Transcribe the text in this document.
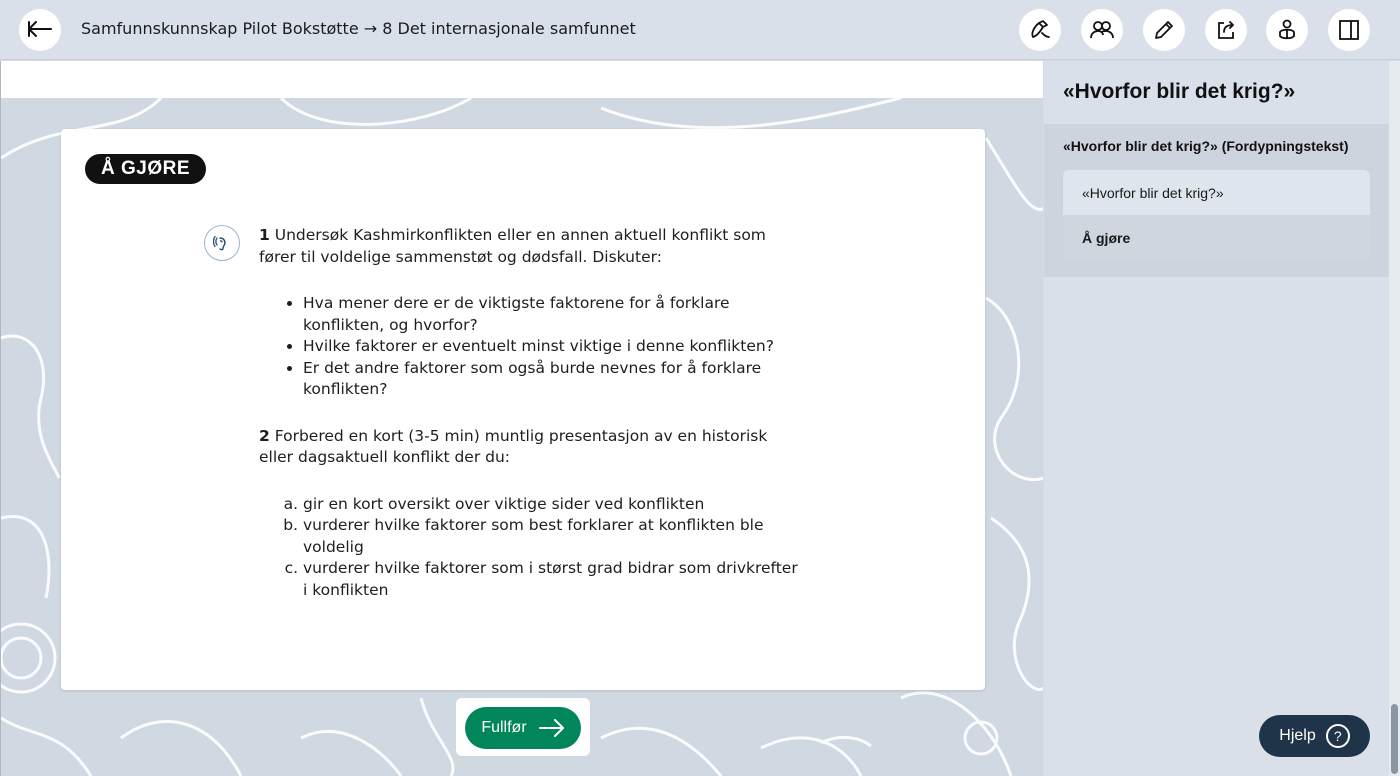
Samfunnskunnskap Pilot Bokstøtte → 8 Det internasjonale samfunnet
Å GJØRE

1 Undersøk Kashmirkonflikten eller en annen aktuell konflikt som fører til voldelige sammenstøt og dødsfall. Diskuter:

• Hva mener dere er de viktigste faktorene for å forklare konflikten, og hvorfor?
• Hvilke faktorer er eventuelt minst viktige i denne konflikten?
• Er det andre faktorer som også burde nevnes for å forklare konflikten?

2 Forbered en kort (3-5 min) muntlig presentasjon av en historisk eller dagsaktuell konflikt der du:

a. gir en kort oversikt over viktige sider ved konflikten
b. vurderer hvilke faktorer som best forklarer at konflikten ble voldelig
c. vurderer hvilke faktorer som i størst grad bidrar som drivkrefter i konflikten
Fullfør
«Hvorfor blir det krig?»
«Hvorfor blir det krig?» (Fordypningstekst)
«Hvorfor blir det krig?»
Å gjøre
Hjelp	?
